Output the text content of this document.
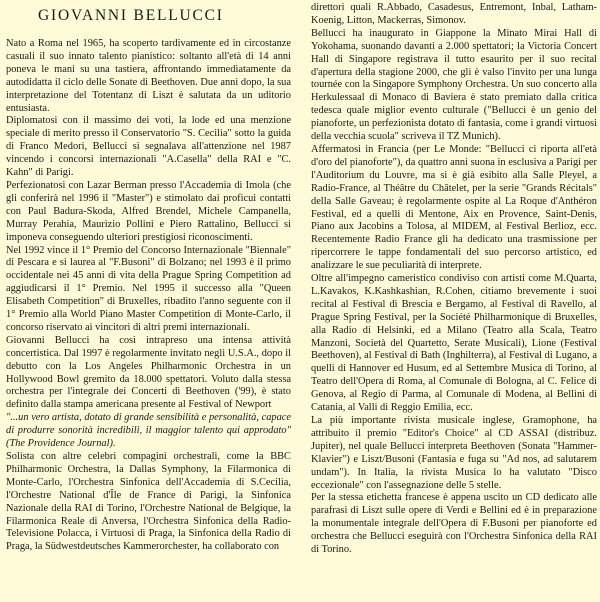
GIOVANNI BELLUCCI

Nato a Roma nel 1965, ha scoperto tardivamente ed in circostanze casuali il suo innato talento pianistico: soltanto all'età di 14 anni poneva le mani su una tastiera, affrontando immediatamente da autodidatta il ciclo delle Sonate di Beethoven. Due anni dopo, la sua interpretazione del Totentanz di Liszt è salutata da un uditorio entusiasta.

Diplomatosi con il massimo dei voti, la lode ed una menzione speciale di merito presso il Conservatorio "S. Cecilia" sotto la guida di Franco Medori, Bellucci si segnalava all'attenzione nel 1987 vincendo i concorsi internazionali "A.Casella" della RAI e "C. Kahn" di Parigi.

Perfezionatosi con Lazar Berman presso l'Accademia di Imola (che gli conferirà nel 1996 il "Master") e stimolato dai proficui contatti con Paul Badura-Skoda, Alfred Brendel, Michele Campanella, Murray Perahia, Maurizio Pollini e Piero Rattalino, Bellucci si imponeva conseguendo ulteriori prestigiosi riconoscimenti.

Nel 1992 vince il 1° Premio del Concorso Internazionale "Biennale" di Pescara e si laurea al "F.Busoni" di Bolzano; nel 1993 è il primo occidentale nei 45 anni di vita della Prague Spring Competition ad aggiudicarsi il 1° Premio. Nel 1995 il successo alla "Queen Elisabeth Competition" di Bruxelles, ribadito l'anno seguente con il 1° Premio alla World Piano Master Competition di Monte-Carlo, il concorso riservato ai vincitori di altri premi internazionali.

Giovanni Bellucci ha così intrapreso una intensa attività concertistica. Dal 1997 è regolarmente invitato negli U.S.A., dopo il debutto con la Los Angeles Philharmonic Orchestra in un Hollywood Bowl gremito da 18.000 spettatori. Voluto dalla stessa orchestra per l'integrale dei Concerti di Beethoven ('99), è stato definito dalla stampa americana presente al Festival of Newport

"...un vero artista, dotato di grande sensibilità e personalità, capace di produrre sonorità incredibili, il maggior talento qui approdato" (The Providence Journal).

Solista con altre celebri compagini orchestrali, come la BBC Philharmonic Orchestra, la Dallas Symphony, la Filarmonica di Monte-Carlo, l'Orchestra Sinfonica dell'Accademia di S.Cecilia, l'Orchestre National d'Île de France di Parigi, la Sinfonica Nazionale della RAI di Torino, l'Orchestre National de Belgique, la Filarmonica Reale di Anversa, l'Orchestra Sinfonica della Radio-Televisione Polacca, i Virtuosi di Praga, la Sinfonica della Radio di Praga, la Südwestdeutsches Kammerorchester, ha collaborato con

direttori quali R.Abbado, Casadesus, Entremont, Inbal, Latham-Koenig, Litton, Mackerras, Simonov.

Bellucci ha inaugurato in Giappone la Minato Mirai Hall di Yokohama, suonando davanti a 2.000 spettatori; la Victoria Concert Hall di Singapore registrava il tutto esaurito per il suo recital d'apertura della stagione 2000, che gli è valso l'invito per una lunga tournée con la Singapore Symphony Orchestra. Un suo concerto alla Herkulessaal di Monaco di Baviera è stato premiato dalla critica tedesca quale miglior evento culturale ("Bellucci è un genio del pianoforte, un perfezionista dotato di fantasia, come i grandi virtuosi della vecchia scuola" scriveva il TZ Munich).

Affermatosi in Francia (per Le Monde: "Bellucci ci riporta all'età d'oro del pianoforte"), da quattro anni suona in esclusiva a Parigi per l'Auditorium du Louvre, ma si è già esibito alla Salle Pleyel, a Radio-France, al Théâtre du Châtelet, per la serie "Grands Récitals" della Salle Gaveau; è regolarmente ospite al La Roque d'Anthéron Festival, ed a quelli di Mentone, Aix en Provence, Saint-Denis, Piano aux Jacobins a Tolosa, al MIDEM, al Festival Berlioz, ecc. Recentemente Radio France gli ha dedicato una trasmissione per ripercorrere le tappe fondamentali del suo percorso artistico, ed analizzare le sue peculiarità di interprete.

Oltre all'impegno cameristico condiviso con artisti come M.Quarta, L.Kavakos, K.Kashkashian, R.Cohen, citiamo brevemente i suoi recital al Festival di Brescia e Bergamo, al Festival di Ravello, al Prague Spring Festival, per la Société Philharmonique di Bruxelles, alla Radio di Helsinki, ed a Milano (Teatro alla Scala, Teatro Manzoni, Società del Quartetto, Serate Musicali), Lione (Festival Beethoven), al Festival di Bath (Inghilterra), al Festival di Lugano, a quelli di Hannover ed Husum, ed al Settembre Musica di Torino, al Teatro dell'Opera di Roma, al Comunale di Bologna, al C. Felice di Genova, al Regio di Parma, al Comunale di Modena, al Bellini di Catania, al Valli di Reggio Emilia, ecc.

La più importante rivista musicale inglese, Gramophone, ha attribuito il premio "Editor's Choice" al CD ASSAI (distribuz. Jupiter), nel quale Bellucci interpreta Beethoven (Sonata "Hammer-Klavier") e Liszt/Busoni (Fantasia e fuga su "Ad nos, ad salutarem undam"). In Italia, la rivista Musica lo ha valutato "Disco eccezionale" con l'assegnazione delle 5 stelle.

Per la stessa etichetta francese è appena uscito un CD dedicato alle parafrasi di Liszt sulle opere di Verdi e Bellini ed è in preparazione la monumentale integrale dell'Opera di F.Busoni per pianoforte ed orchestra che Bellucci eseguirà con l'Orchestra Sinfonica della RAI di Torino.
